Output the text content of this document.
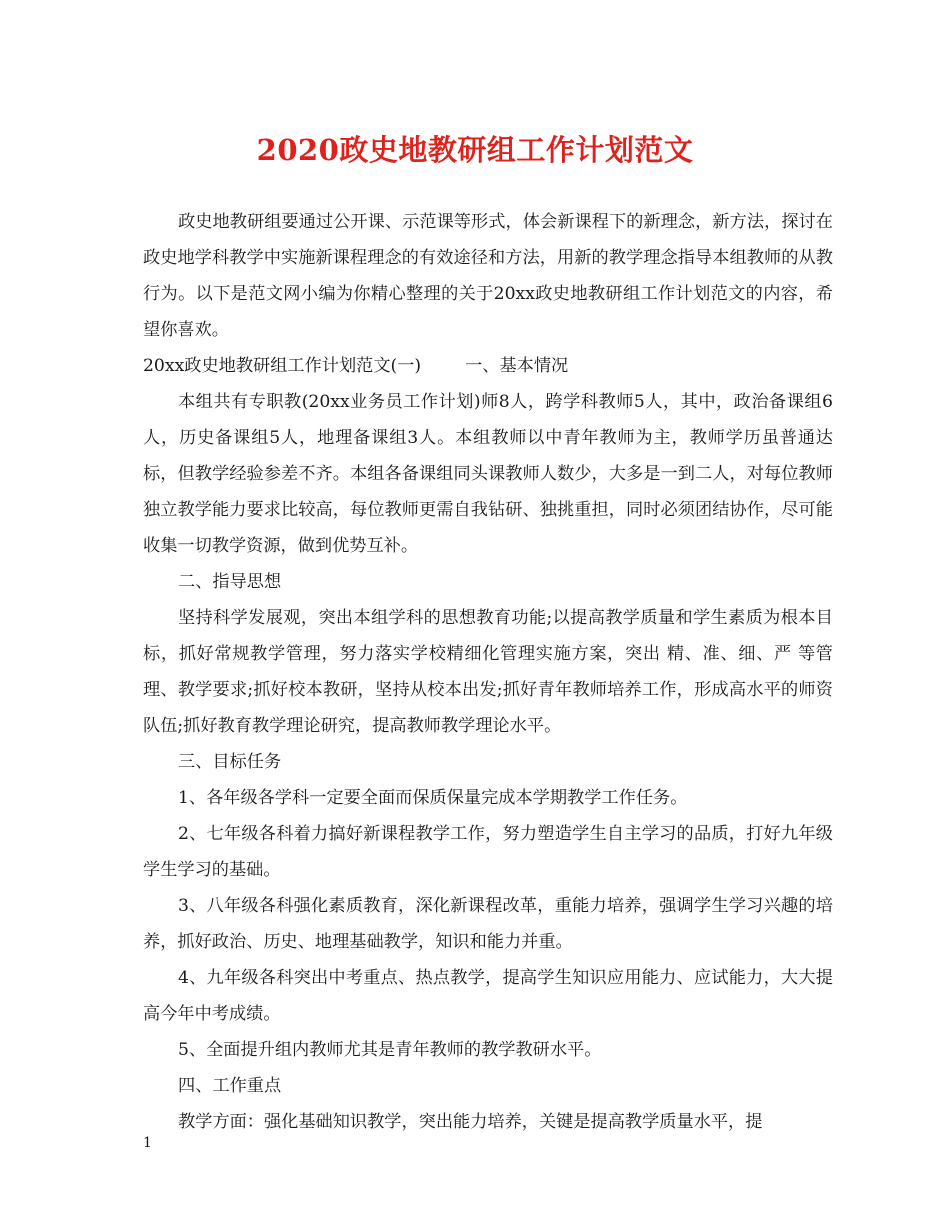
2020政史地教研组工作计划范文

政史地教研组要通过公开课、示范课等形式，体会新课程下的新理念，新方法，探讨在政史地学科教学中实施新课程理念的有效途径和方法，用新的教学理念指导本组教师的从教行为。以下是范文网小编为你精心整理的关于20xx政史地教研组工作计划范文的内容，希望你喜欢。

20xx政史地教研组工作计划范文(一)	一、基本情况

本组共有专职教(20xx业务员工作计划)师8人，跨学科教师5人，其中，政治备课组6人，历史备课组5人，地理备课组3人。本组教师以中青年教师为主，教师学历虽普通达标，但教学经验参差不齐。本组各备课组同头课教师人数少，大多是一到二人，对每位教师独立教学能力要求比较高，每位教师更需自我钻研、独挑重担，同时必须团结协作，尽可能收集一切教学资源，做到优势互补。

二、指导思想

坚持科学发展观，突出本组学科的思想教育功能;以提高教学质量和学生素质为根本目标，抓好常规教学管理，努力落实学校精细化管理实施方案，突出 精、准、细、严 等管理、教学要求;抓好校本教研，坚持从校本出发;抓好青年教师培养工作，形成高水平的师资队伍;抓好教育教学理论研究，提高教师教学理论水平。

三、目标任务

1、各年级各学科一定要全面而保质保量完成本学期教学工作任务。

2、七年级各科着力搞好新课程教学工作，努力塑造学生自主学习的品质，打好九年级学生学习的基础。

3、八年级各科强化素质教育，深化新课程改革，重能力培养，强调学生学习兴趣的培养，抓好政治、历史、地理基础教学，知识和能力并重。

4、九年级各科突出中考重点、热点教学，提高学生知识应用能力、应试能力，大大提高今年中考成绩。

5、全面提升组内教师尤其是青年教师的教学教研水平。

四、工作重点

教学方面：强化基础知识教学，突出能力培养，关键是提高教学质量水平，提

1
